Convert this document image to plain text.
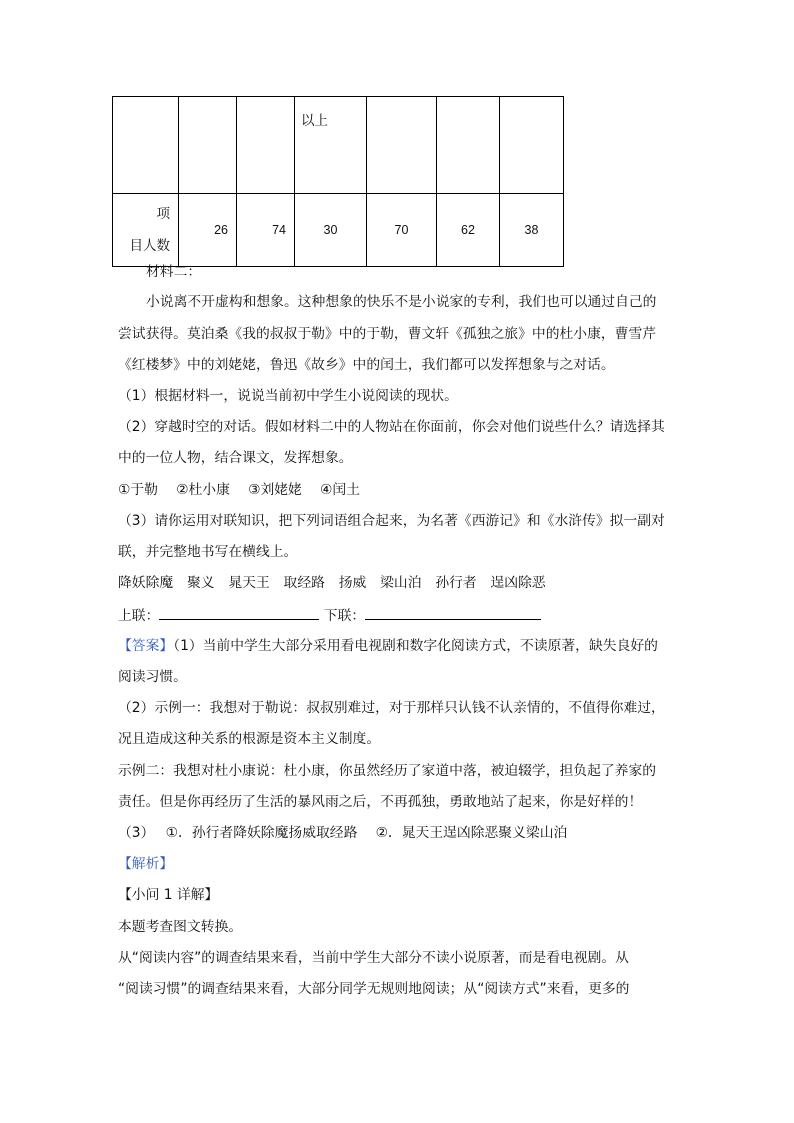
			以上			

项
目人数	26	74	30	70	62	38
材料二：
小说离不开虚构和想象。这种想象的快乐不是小说家的专利，我们也可以通过自己的
尝试获得。莫泊桑《我的叔叔于勒》中的于勒，曹文轩《孤独之旅》中的杜小康，曹雪芹
《红楼梦》中的刘姥姥，鲁迅《故乡》中的闰土，我们都可以发挥想象与之对话。
（1）根据材料一，说说当前初中学生小说阅读的现状。
（2）穿越时空的对话。假如材料二中的人物站在你面前，你会对他们说些什么？请选择其
中的一位人物，结合课文，发挥想象。
①于勒　 ②杜小康　 ③刘姥姥　 ④闰土
（3）请你运用对联知识，把下列词语组合起来，为名著《西游记》和《水浒传》拟一副对
联，并完整地书写在横线上。
降妖除魔　聚义　晁天王　取经路　扬威　梁山泊　孙行者　逞凶除恶
上联：	下联：
【答案】（1）当前中学生大部分采用看电视剧和数字化阅读方式，不读原著，缺失良好的
阅读习惯。
（2）示例一：我想对于勒说：叔叔别难过，对于那样只认钱不认亲情的，不值得你难过，
况且造成这种关系的根源是资本主义制度。
示例二：我想对杜小康说：杜小康，你虽然经历了家道中落，被迫辍学，担负起了养家的
责任。但是你再经历了生活的暴风雨之后，不再孤独，勇敢地站了起来，你是好样的！
（3）　 ①．孙行者降妖除魔扬威取经路　 ②．晁天王逞凶除恶聚义梁山泊
【解析】
【小问 1 详解】
本题考查图文转换。
从“阅读内容”的调查结果来看，当前中学生大部分不读小说原著，而是看电视剧。从
“阅读习惯”的调查结果来看，大部分同学无规则地阅读；从“阅读方式”来看，更多的
